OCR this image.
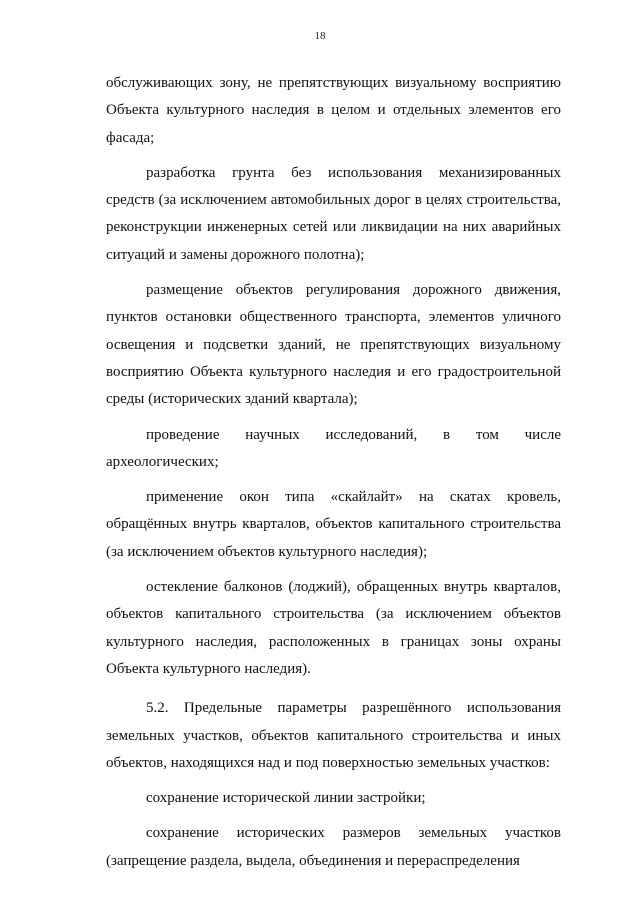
18

обслуживающих зону, не препятствующих визуальному восприятию Объекта культурного наследия в целом и отдельных элементов его фасада;

разработка грунта без использования механизированных средств (за исключением автомобильных дорог в целях строительства, реконструкции инженерных сетей или ликвидации на них аварийных ситуаций и замены дорожного полотна);

размещение объектов регулирования дорожного движения, пунктов остановки общественного транспорта, элементов уличного освещения и подсветки зданий, не препятствующих визуальному восприятию Объекта культурного наследия и его градостроительной среды (исторических зданий квартала);

проведение научных исследований, в том числе археологических;

применение окон типа «скайлайт» на скатах кровель, обращённых внутрь кварталов, объектов капитального строительства (за исключением объектов культурного наследия);

остекление балконов (лоджий), обращенных внутрь кварталов, объектов капитального строительства (за исключением объектов культурного наследия, расположенных в границах зоны охраны Объекта культурного наследия).

5.2. Предельные параметры разрешённого использования земельных участков, объектов капитального строительства и иных объектов, находящихся над и под поверхностью земельных участков:

сохранение исторической линии застройки;

сохранение исторических размеров земельных участков (запрещение раздела, выдела, объединения и перераспределения
